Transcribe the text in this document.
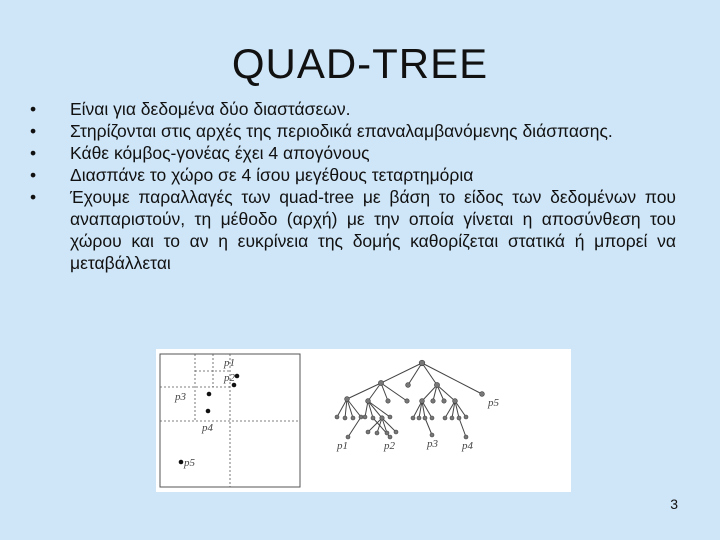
QUAD-TREE
• Είναι για δεδομένα δύο διαστάσεων.
• Στηρίζονται στις αρχές της περιοδικά επαναλαμβανόμενης διάσπασης.
• Κάθε κόμβος-γονέας έχει 4 απογόνους
• Διασπάνε το χώρο σε 4 ίσου μεγέθους τεταρτημόρια
• Έχουμε παραλλαγές των quad-tree με βάση το είδος των δεδομένων που αναπαριστούν, τη μέθοδο (αρχή) με την οποία γίνεται η αποσύνθεση του χώρου και το αν η ευκρίνεια της δομής καθορίζεται στατικά ή μπορεί να μεταβάλλεται
p1
p2
p3
p4
p5
p5
p1	p2	p3 p4
3
